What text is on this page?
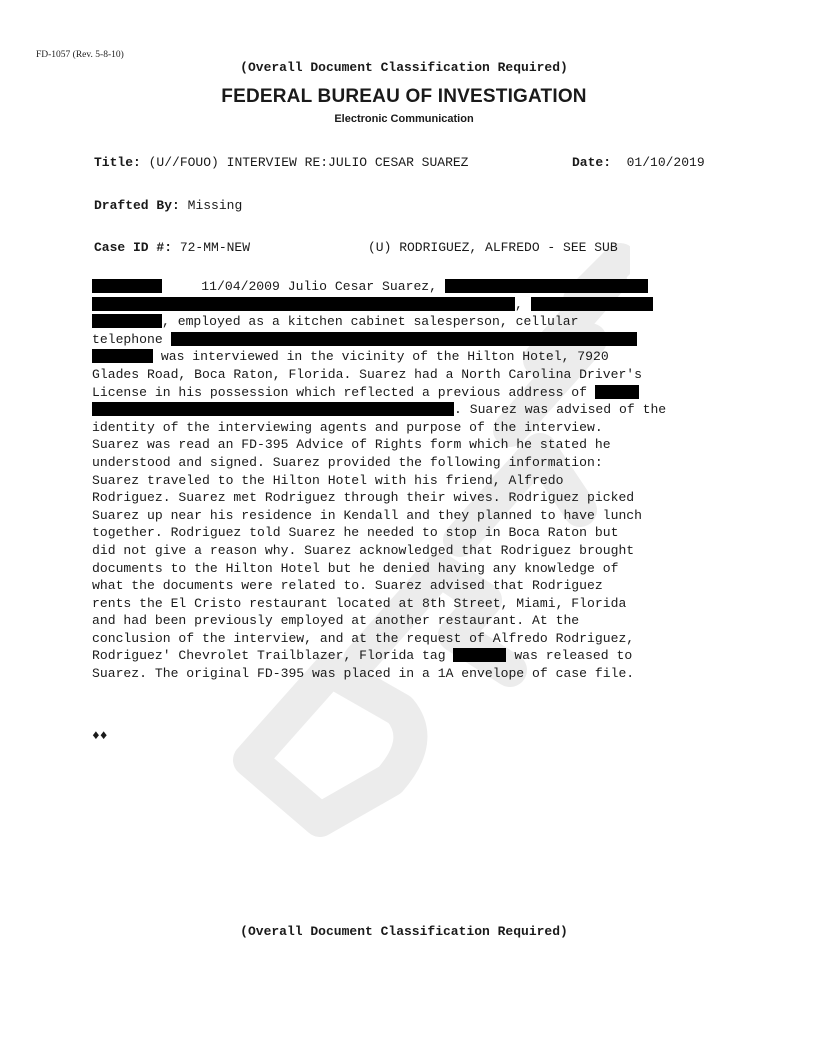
FD-1057 (Rev. 5-8-10)
(Overall Document Classification Required)
FEDERAL BUREAU OF INVESTIGATION
Electronic Communication
Title: (U//FOUO) INTERVIEW RE:JULIO CESAR SUAREZ	Date: 01/10/2019
Drafted By: Missing
Case ID #: 72-MM-NEW	(U) RODRIGUEZ, ALFREDO - SEE SUB
11/04/2009 Julio Cesar Suarez,
,
, employed as a kitchen cabinet salesperson, cellular
telephone
was interviewed in the vicinity of the Hilton Hotel, 7920
Glades Road, Boca Raton, Florida. Suarez had a North Carolina Driver's
License in his possession which reflected a previous address of
. Suarez was advised of the
identity of the interviewing agents and purpose of the interview.
Suarez was read an FD-395 Advice of Rights form which he stated he
understood and signed. Suarez provided the following information:
Suarez traveled to the Hilton Hotel with his friend, Alfredo
Rodriguez. Suarez met Rodriguez through their wives. Rodriguez picked
Suarez up near his residence in Kendall and they planned to have lunch
together. Rodriguez told Suarez he needed to stop in Boca Raton but
did not give a reason why. Suarez acknowledged that Rodriguez brought
documents to the Hilton Hotel but he denied having any knowledge of
what the documents were related to. Suarez advised that Rodriguez
rents the El Cristo restaurant located at 8th Street, Miami, Florida
and had been previously employed at another restaurant. At the
conclusion of the interview, and at the request of Alfredo Rodriguez,
Rodriguez' Chevrolet Trailblazer, Florida tag	was released to
Suarez. The original FD-395 was placed in a 1A envelope of case file.
♦♦
(Overall Document Classification Required)
